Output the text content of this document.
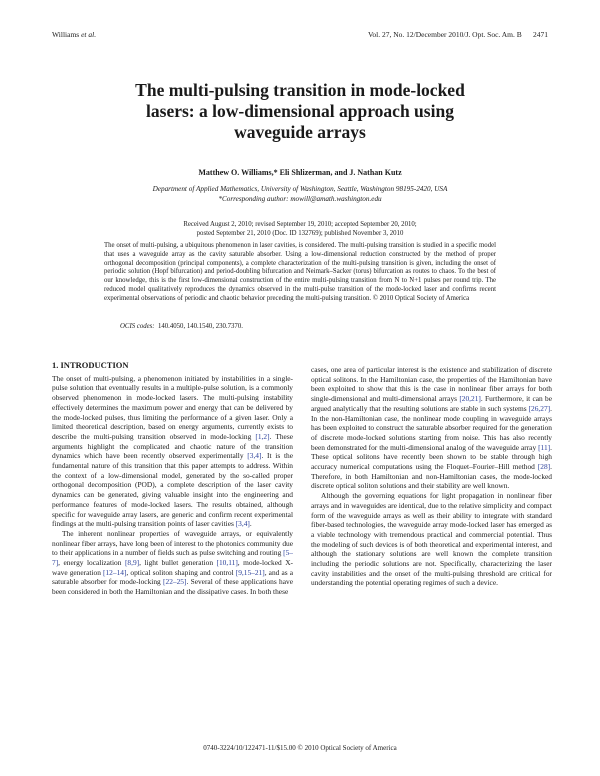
Williams et al.	Vol. 27, No. 12/December 2010/J. Opt. Soc. Am. B 2471
The multi-pulsing transition in mode-locked
lasers: a low-dimensional approach using
waveguide arrays
Matthew O. Williams,* Eli Shlizerman, and J. Nathan Kutz
Department of Applied Mathematics, University of Washington, Seattle, Washington 98195-2420, USA
*Corresponding author: mowill@amath.washington.edu
Received August 2, 2010; revised September 19, 2010; accepted September 20, 2010;
posted September 21, 2010 (Doc. ID 132769); published November 3, 2010

The onset of multi-pulsing, a ubiquitous phenomenon in laser cavities, is considered. The multi-pulsing transition is studied in a specific model that uses a waveguide array as the cavity saturable absorber. Using a low-dimensional reduction constructed by the method of proper orthogonal decomposition (principal components), a complete characterization of the multi-pulsing transition is given, including the onset of periodic solution (Hopf bifurcation) and period-doubling bifurcation and Neimark–Sacker (torus) bifurcation as routes to chaos. To the best of our knowledge, this is the first low-dimensional construction of the entire multi-pulsing transition from N to N+1 pulses per round trip. The reduced model qualitatively reproduces the dynamics observed in the multi-pulse transition of the mode-locked laser and confirms recent experimental observations of periodic and chaotic behavior preceding the multi-pulsing transition. © 2010 Optical Society of America

OCIS codes: 140.4050, 140.1540, 230.7370.
1. INTRODUCTION

The onset of multi-pulsing, a phenomenon initiated by instabilities in a single-pulse solution that eventually results in a multiple-pulse solution, is a commonly observed phenomenon in mode-locked lasers. The multi-pulsing instability effectively determines the maximum power and energy that can be delivered by the mode-locked pulses, thus limiting the performance of a given laser. Only a limited theoretical description, based on energy arguments, currently exists to describe the multi-pulsing transition observed in mode-locking [1,2]. These arguments highlight the complicated and chaotic nature of the transition dynamics which have been recently observed experimentally [3,4]. It is the fundamental nature of this transition that this paper attempts to address. Within the context of a low-dimensional model, generated by the so-called proper orthogonal decomposition (POD), a complete description of the laser cavity dynamics can be generated, giving valuable insight into the engineering and performance features of mode-locked lasers. The results obtained, although specific for waveguide array lasers, are generic and confirm recent experimental findings at the multi-pulsing transition points of laser cavities [3,4].

The inherent nonlinear properties of waveguide arrays, or equivalently nonlinear fiber arrays, have long been of interest to the photonics community due to their applications in a number of fields such as pulse switching and routing [5–7], energy localization [8,9], light bullet generation [10,11], mode-locked X-wave generation [12–14], optical soliton shaping and control [9,15–21], and as a saturable absorber for mode-locking [22–25]. Several of these applications have been considered in both the Hamiltonian and the dissipative cases. In both these

cases, one area of particular interest is the existence and stabilization of discrete optical solitons. In the Hamiltonian case, the properties of the Hamiltonian have been exploited to show that this is the case in nonlinear fiber arrays for both single-dimensional and multi-dimensional arrays [20,21]. Furthermore, it can be argued analytically that the resulting solutions are stable in such systems [26,27]. In the non-Hamiltonian case, the nonlinear mode coupling in waveguide arrays has been exploited to construct the saturable absorber required for the generation of discrete mode-locked solutions starting from noise. This has also recently been demonstrated for the multi-dimensional analog of the waveguide array [11]. These optical solitons have recently been shown to be stable through high accuracy numerical computations using the Floquet–Fourier–Hill method [28]. Therefore, in both Hamiltonian and non-Hamiltonian cases, the mode-locked discrete optical soliton solutions and their stability are well known.

Although the governing equations for light propagation in nonlinear fiber arrays and in waveguides are identical, due to the relative simplicity and compact form of the waveguide arrays as well as their ability to integrate with standard fiber-based technologies, the waveguide array mode-locked laser has emerged as a viable technology with tremendous practical and commercial potential. Thus the modeling of such devices is of both theoretical and experimental interest, and although the stationary solutions are well known the complete transition including the periodic solutions are not. Specifically, characterizing the laser cavity instabilities and the onset of the multi-pulsing threshold are critical for understanding the potential operating regimes of such a device.

0740-3224/10/122471-11/$15.00 © 2010 Optical Society of America
